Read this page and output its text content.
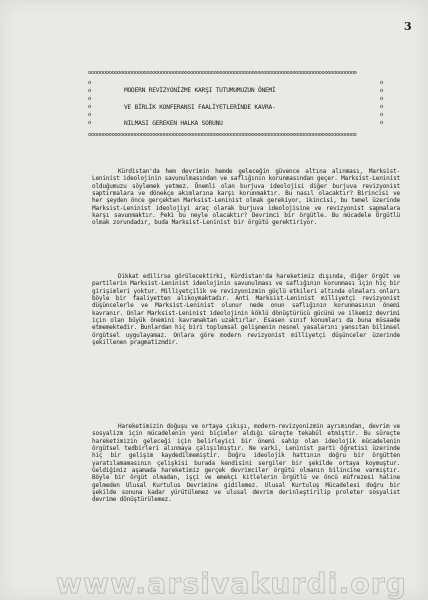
3
oooooooooooooooooooooooooooooooooooooooooooooooooooooooooooooooooooooooooooooooooooooooooooo
o
o
o
o
o
o
o
o
o
o
o
o
MODERN REVİZYONİZME KARŞI TUTUMUMUZUN ÖNEMİ
VE BİRLİK KONFERANSI FAALİYETLERİNDE KAVRA-
NILMASI GEREKEN HALKA SORUNU
oooooooooooooooooooooooooooooooooooooooooooooooooooooooooooooooooooooooooooooooooooooooooooo

Kürdistan'da hem devrimin hemde geleceğin güvence altına alınması, Marksist-Leninist ideolojinin savunulmasından ve saflığının korunmasından geçer. Marksist-Leninist olduğumuzu söylemek yetmez. Önemli olan burjuva ideolojisi diğer burjuva revizyonist saptırmalara ve dönekçe akımlarına karşı korunmaktır. Bu nasıl olacaktır? Birincisi ve her şeyden önce gerçekten Marksist-Leninist olmak gerekiyor, ikincisi, bu temel üzerinde Marksist-Leninist ideolojiyi araç olarak burjuva ideolojisine ve revizyonist sapmalara karşı savunmaktır. Peki bu neyle olacaktır? Devrimci bir örgütle. Bu mücadele Örgütlü olmak zorundadır, buda Marksist-Leninist bir örgütü gerektiriyor.

Dikkat edilirse görülecektirki, Kürdistan'da hareketimiz dışında, diğer örgüt ve partilerin Marksist-Leninist ideolojinin savunulması ve saflığının korunması için hiç bir girişimleri yoktur. Milliyetçilik ve revizyonizmin güçlü etkileri altında olmaları onları böyle bir faaliyetten alıkoymaktadır. Anti Marksist-Leninist milliyetçi revizyonist düşüncelerle ve Marksist-Leninist olunur nede onun saflığının korunmasının önemi kavranır. Onlar Marksist-Leninist ideolojinin köklü dönüştürücü gücünü ve ilkemiz devrimi için olan büyük önemini kavramaktan uzaktırlar. Esasen sınıf konumları da buna müsaade etmemektedir. Bunlardan hiç biri toplumsal gelişmenin nesnel yasalarını yansıtan bilimsel örgütsel uygulayamaz. Onlara göre modern revizyonist milliyetçi düşünceler üzerinde şekillenen pragmatizmdir.

Hareketimizin doğuşu ve ortaya çıkışı, modern-revizyonizmin ayrımından, devrim ve sosyalizm için mücadelenin yeni biçimler aldığı süreçte tekabül etmiştir. Bu süreçte hareketimizin geleceği için belirleyici bir önemi sahip olan ideolojik mücadelenin örgütsel tedbirleri alınmaya çalışılmıştır. Ne varki, Leninist parti öğretisi üzerinde hiç bir gelişim kaydedilmemiştir. Doğru ideolojik hattının doğru bir örgütten yaratılamamasının çelişkisi burada kendisini sergiler bir şekilde ortaya koymuştur. Geldiğimiz aşamada hareketimiz gerçek devrimciler örgütü olmanın bilincine varmıştır. Böyle bir örgüt olmadan, işçi ve emekçi kitlelerin örgütlü ve öncü müfrezesi haline gelmeden Ulusal Kurtulus Devrimine gidilemez. Ulusal Kurtuluş Mücadelesi doğru bir şekilde sonuna kadar yürütülemez ve ulusal devrim derinleştirilip proleter sosyalist devrime dönüştürülemez.

www.arsivakurdi.org
